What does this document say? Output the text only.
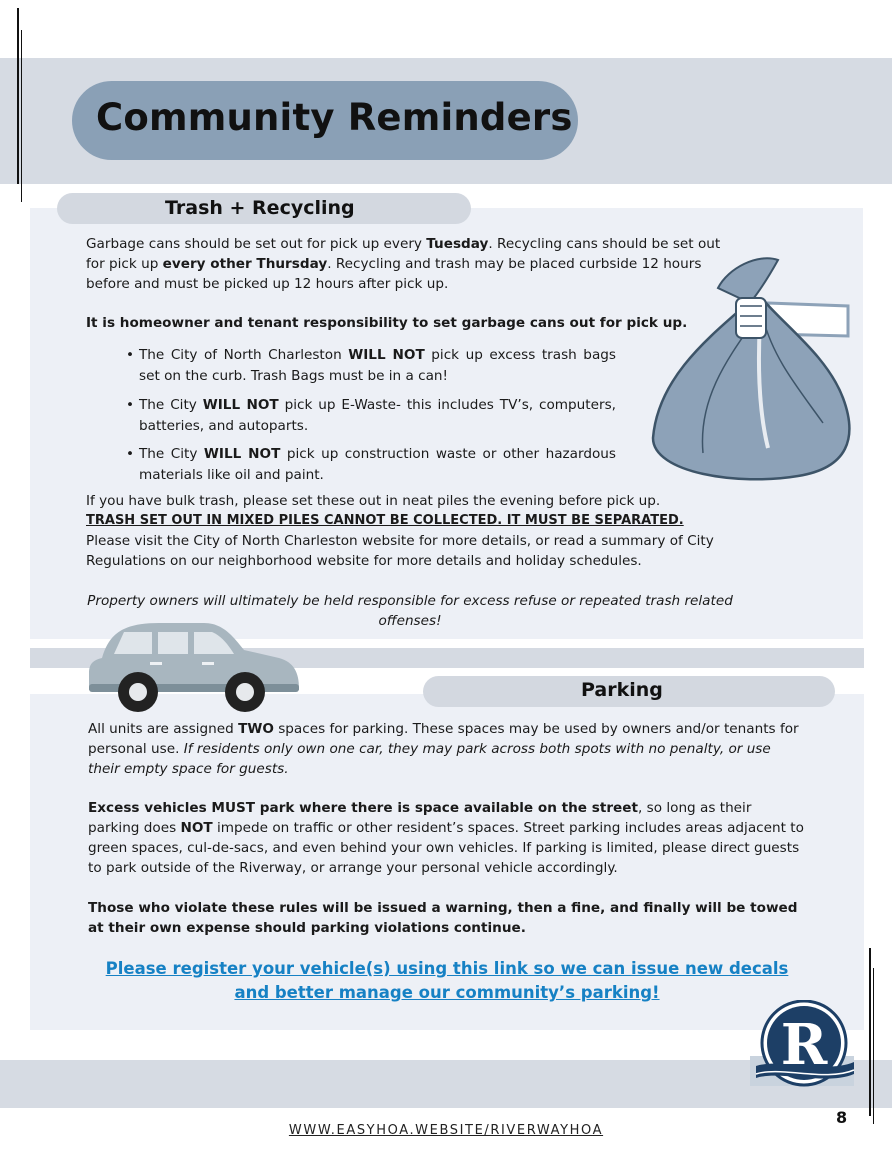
Community Reminders
Trash + Recycling
Garbage cans should be set out for pick up every Tuesday. Recycling cans should be set out for pick up every other Thursday. Recycling and trash may be placed curbside 12 hours before and must be picked up 12 hours after pick up.
It is homeowner and tenant responsibility to set garbage cans out for pick up.
• The City of North Charleston WILL NOT pick up excess trash bags set on the curb. Trash Bags must be in a can!
• The City WILL NOT pick up E-Waste- this includes TV’s, computers, batteries, and autoparts.
• The City WILL NOT pick up construction waste or other hazardous materials like oil and paint.
If you have bulk trash, please set these out in neat piles the evening before pick up.
TRASH SET OUT IN MIXED PILES CANNOT BE COLLECTED. IT MUST BE SEPARATED.
Please visit the City of North Charleston website for more details, or read a summary of City Regulations on our neighborhood website for more details and holiday schedules.
Property owners will ultimately be held responsible for excess refuse or repeated trash related offenses!
Parking
All units are assigned TWO spaces for parking. These spaces may be used by owners and/or tenants for personal use. If residents only own one car, they may park across both spots with no penalty, or use their empty space for guests.
Excess vehicles MUST park where there is space available on the street, so long as their parking does NOT impede on traffic or other resident’s spaces. Street parking includes areas adjacent to green spaces, cul-de-sacs, and even behind your own vehicles. If parking is limited, please direct guests to park outside of the Riverway, or arrange your personal vehicle accordingly.
Those who violate these rules will be issued a warning, then a fine, and finally will be towed at their own expense should parking violations continue.
Please register your vehicle(s) using this link so we can issue new decals and better manage our community’s parking!
R
8
WWW.EASYHOA.WEBSITE/RIVERWAYHOA
